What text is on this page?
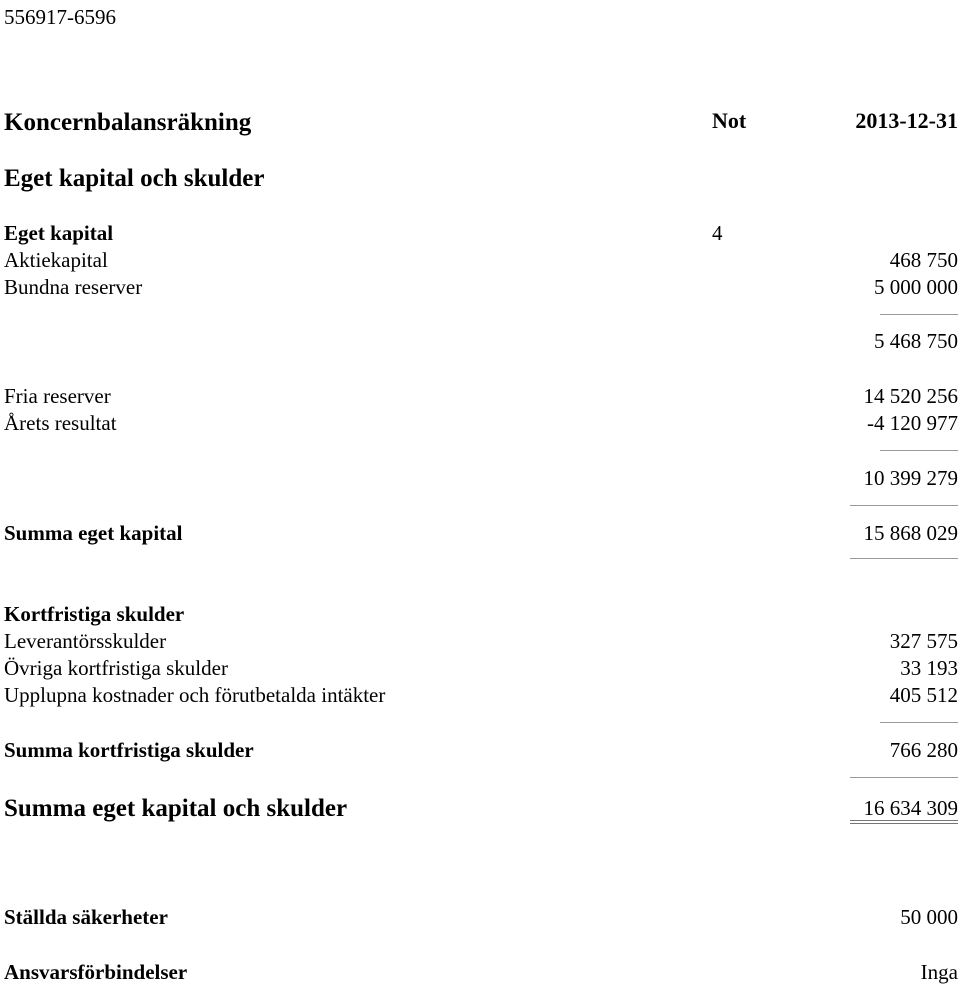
556917-6596
Koncernbalansräkning	Not	2013-12-31
Eget kapital och skulder
Eget kapital	4
Aktiekapital	468 750
Bundna reserver	5 000 000
5 468 750
Fria reserver	14 520 256
Årets resultat	-4 120 977
10 399 279
Summa eget kapital	15 868 029
Kortfristiga skulder
Leverantörsskulder	327 575
Övriga kortfristiga skulder	33 193
Upplupna kostnader och förutbetalda intäkter	405 512
Summa kortfristiga skulder	766 280
Summa eget kapital och skulder	16 634 309
Ställda säkerheter	50 000
Ansvarsförbindelser	Inga
